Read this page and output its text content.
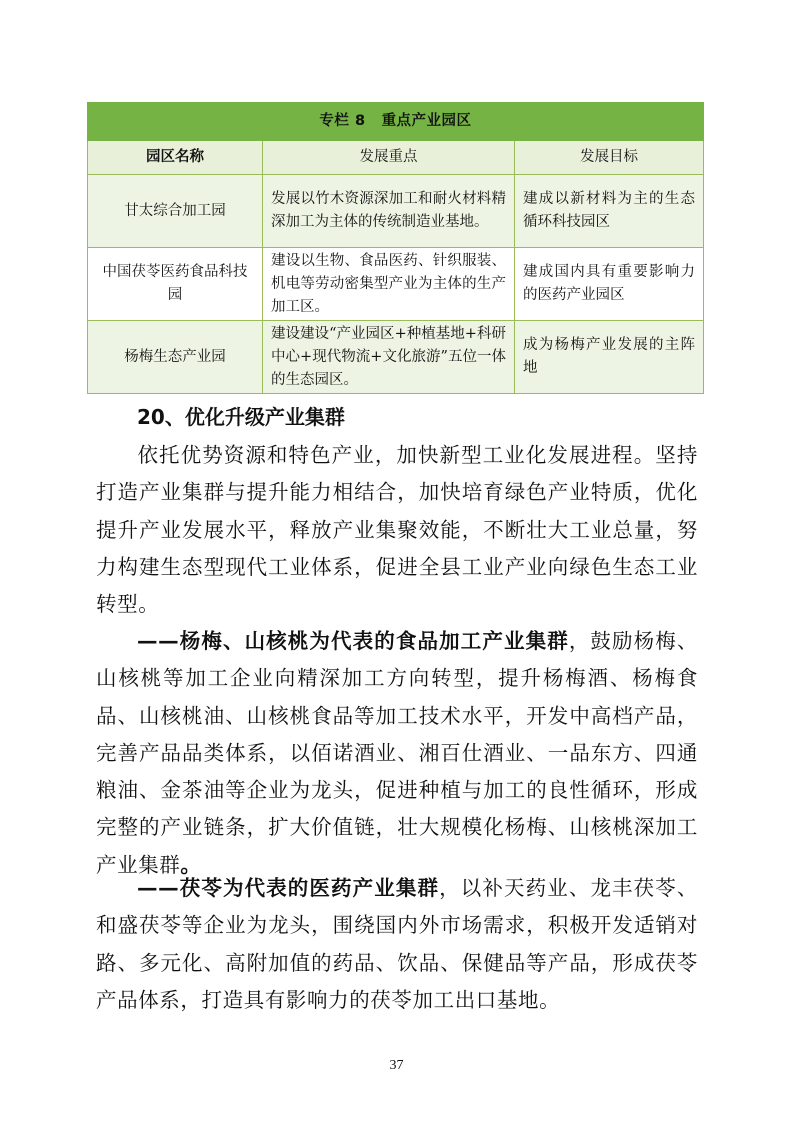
专栏 8 重点产业园区		
园区名称	发展重点	发展目标
甘太综合加工园	发展以竹木资源深加工和耐火材料精深加工为主体的传统制造业基地。	建成以新材料为主的生态循环科技园区
中国茯苓医药食品科技园	建设以生物、食品医药、针织服装、机电等劳动密集型产业为主体的生产加工区。	建成国内具有重要影响力的医药产业园区
杨梅生态产业园	建设建设“产业园区+种植基地+科研中心+现代物流+文化旅游”五位一体的生态园区。	成为杨梅产业发展的主阵地
20、优化升级产业集群
依托优势资源和特色产业，加快新型工业化发展进程。坚持打造产业集群与提升能力相结合，加快培育绿色产业特质，优化提升产业发展水平，释放产业集聚效能，不断壮大工业总量，努力构建生态型现代工业体系，促进全县工业产业向绿色生态工业转型。
——杨梅、山核桃为代表的食品加工产业集群，鼓励杨梅、山核桃等加工企业向精深加工方向转型，提升杨梅酒、杨梅食品、山核桃油、山核桃食品等加工技术水平，开发中高档产品，完善产品品类体系，以佰诺酒业、湘百仕酒业、一品东方、四通粮油、金茶油等企业为龙头，促进种植与加工的良性循环，形成完整的产业链条，扩大价值链，壮大规模化杨梅、山核桃深加工产业集群。
——茯苓为代表的医药产业集群，以补天药业、龙丰茯苓、和盛茯苓等企业为龙头，围绕国内外市场需求，积极开发适销对路、多元化、高附加值的药品、饮品、保健品等产品，形成茯苓产品体系，打造具有影响力的茯苓加工出口基地。
37
